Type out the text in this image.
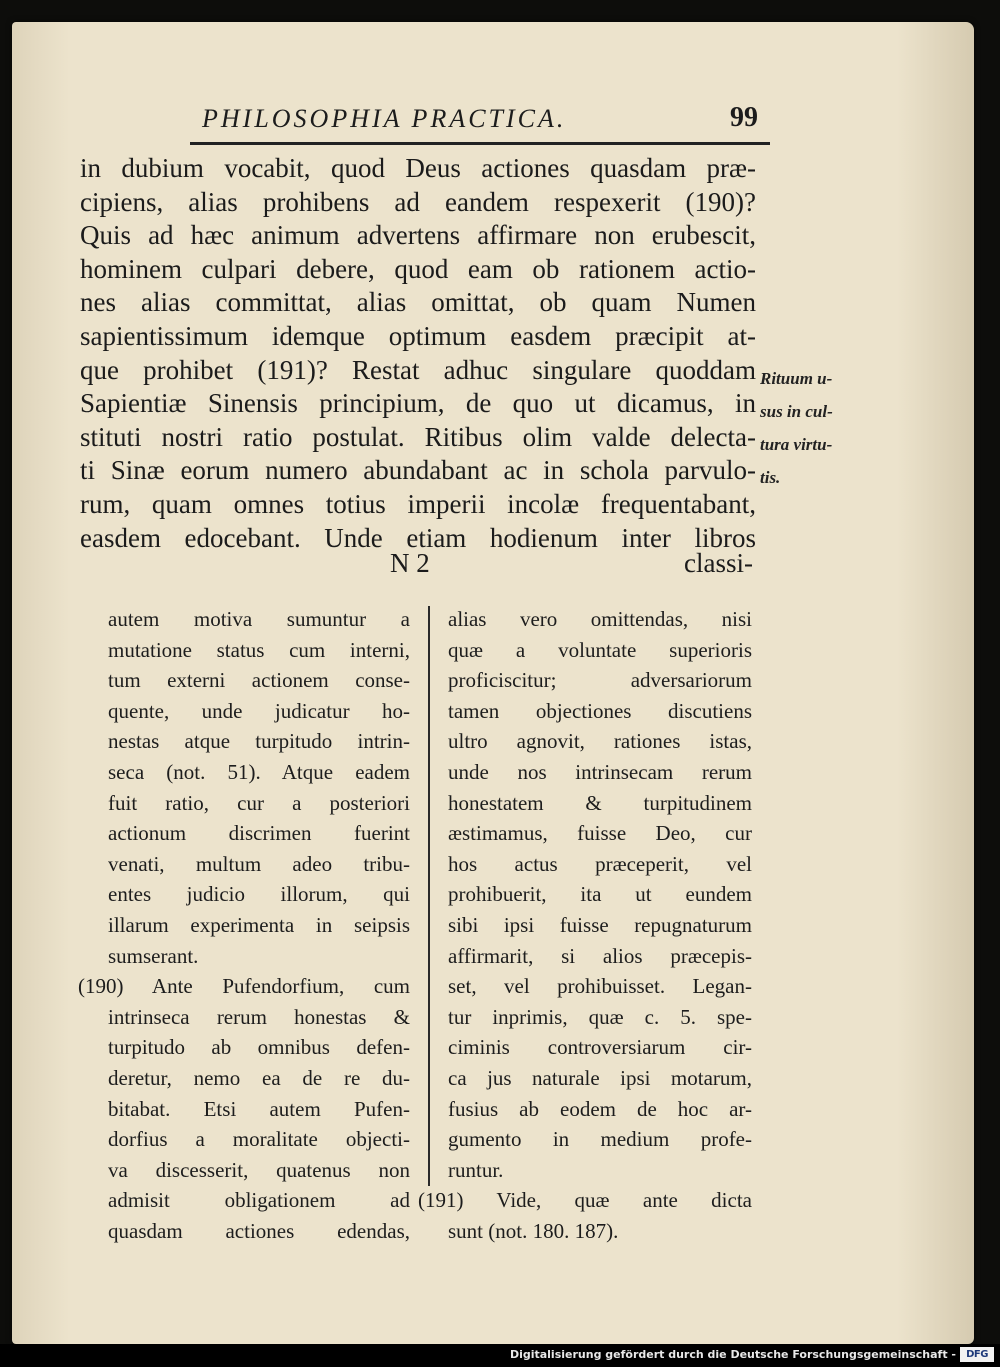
PHILOSOPHIA PRACTICA.	99
in dubium vocabit, quod Deus actiones quasdam præ-
cipiens, alias prohibens ad eandem respexerit (190)?
Quis ad hæc animum advertens affirmare non erubescit,
hominem culpari debere, quod eam ob rationem actio-
nes alias committat, alias omittat, ob quam Numen
sapientissimum idemque optimum easdem præcipit at-
que prohibet (191)? Restat adhuc singulare quoddam
Sapientiæ Sinensis principium, de quo ut dicamus, in
stituti nostri ratio postulat. Ritibus olim valde delecta-
ti Sinæ eorum numero abundabant ac in schola parvulo-
rum, quam omnes totius imperii incolæ frequentabant,
easdem edocebant. Unde etiam hodienum inter libros
N 2	classi-
Rituum u-
sus in cul-
tura virtu-
tis.
autem motiva sumuntur a
mutatione status cum interni,
tum externi actionem conse-
quente, unde judicatur ho-
nestas atque turpitudo intrin-
seca (not. 51). Atque eadem
fuit ratio, cur a posteriori
actionum discrimen fuerint
venati, multum adeo tribu-
entes judicio illorum, qui
illarum experimenta in seipsis
sumserant.
(190) Ante Pufendorfium, cum
intrinseca rerum honestas &
turpitudo ab omnibus defen-
deretur, nemo ea de re du-
bitabat. Etsi autem Pufen-
dorfius a moralitate objecti-
va discesserit, quatenus non
admisit obligationem ad
quasdam actiones edendas,
alias vero omittendas, nisi
quæ a voluntate superioris
proficiscitur; adversariorum
tamen objectiones discutiens
ultro agnovit, rationes istas,
unde nos intrinsecam rerum
honestatem & turpitudinem
æstimamus, fuisse Deo, cur
hos actus præceperit, vel
prohibuerit, ita ut eundem
sibi ipsi fuisse repugnaturum
affirmarit, si alios præcepis-
set, vel prohibuisset. Legan-
tur inprimis, quæ c. 5. spe-
ciminis controversiarum cir-
ca jus naturale ipsi motarum,
fusius ab eodem de hoc ar-
gumento in medium profe-
runtur.
(191) Vide, quæ ante dicta
sunt (not. 180. 187).
Digitalisierung gefördert durch die Deutsche Forschungsgemeinschaft -	DFG
